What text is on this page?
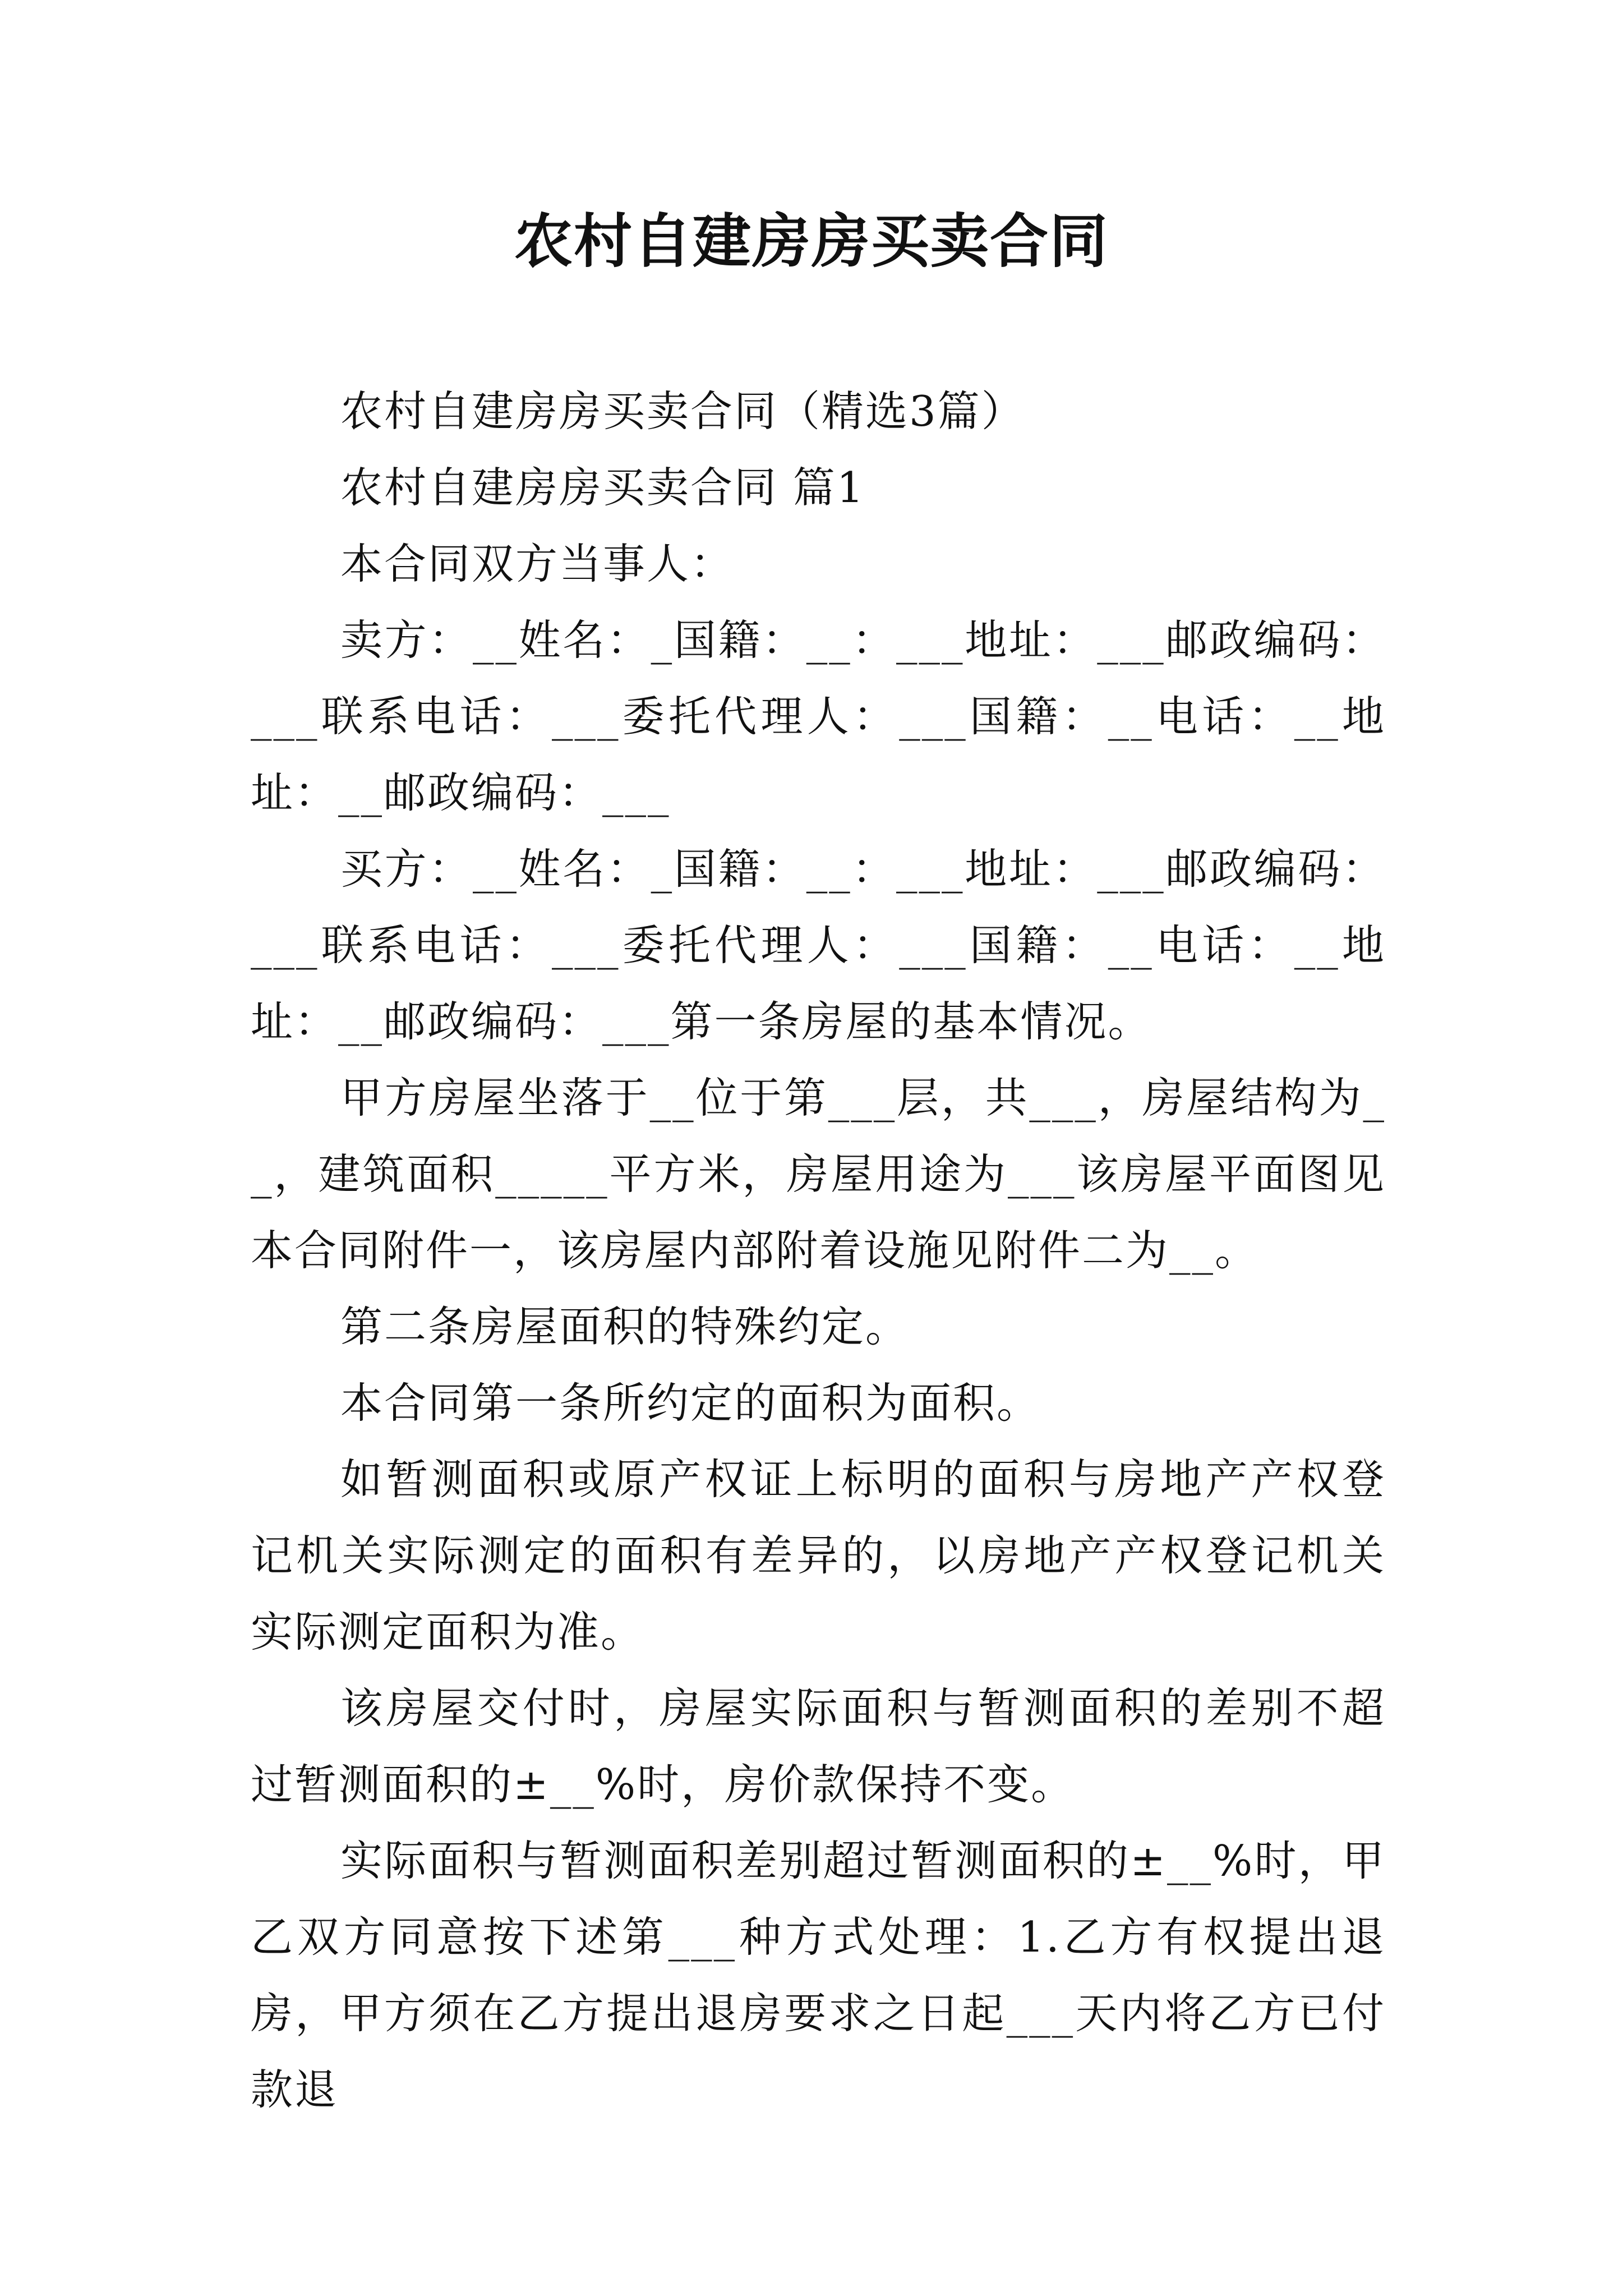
农村自建房房买卖合同

农村自建房房买卖合同（精选3篇）

农村自建房房买卖合同 篇1

本合同双方当事人：

卖方：__姓名：_国籍：__：___地址：___邮政编码：___联系电话：___委托代理人：___国籍：__电话：__地址：__邮政编码：___

买方：__姓名：_国籍：__：___地址：___邮政编码：___联系电话：___委托代理人：___国籍：__电话：__地址：__邮政编码：___第一条房屋的基本情况。

甲方房屋坐落于__位于第___层，共___，房屋结构为__，建筑面积_____平方米，房屋用途为___该房屋平面图见本合同附件一，该房屋内部附着设施见附件二为__。

第二条房屋面积的特殊约定。

本合同第一条所约定的面积为面积。

如暂测面积或原产权证上标明的面积与房地产产权登记机关实际测定的面积有差异的，以房地产产权登记机关实际测定面积为准。

该房屋交付时，房屋实际面积与暂测面积的差别不超过暂测面积的±__%时，房价款保持不变。

实际面积与暂测面积差别超过暂测面积的±__%时，甲乙双方同意按下述第___种方式处理：1.乙方有权提出退房，甲方须在乙方提出退房要求之日起___天内将乙方已付款退
